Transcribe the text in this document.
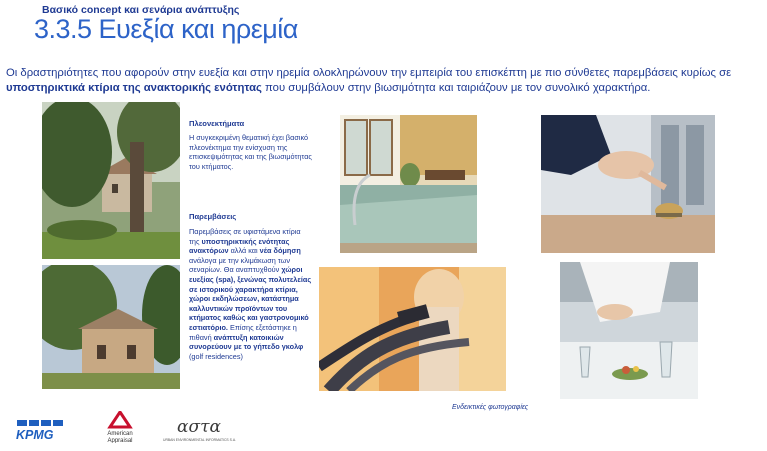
Βασικό concept και σενάρια ανάπτυξης
3.3.5 Ευεξία και ηρεμία
Οι δραστηριότητες που αφορούν στην ευεξία και στην ηρεμία ολοκληρώνουν την εμπειρία του επισκέπτη με πιο σύνθετες παρεμβάσεις κυρίως σε υποστηρικτικά κτίρια της ανακτορικής ενότητας που συμβάλουν στην βιωσιμότητα και ταιριάζουν με τον συνολικό χαρακτήρα.
Πλεονεκτήματα
Η συγκεκριμένη θεματική έχει βασικό πλεονέκτημα την ενίσχυση της επισκεψιμότητας και της βιωσιμότητας του κτήματος.
Παρεμβάσεις
Παρεμβάσεις σε υφιστάμενα κτίρια της υποστηρικτικής ενότητας ανακτόρων αλλά και νέα δόμηση ανάλογα με την κλιμάκωση των σεναρίων. Θα αναπτυχθούν χώροι ευεξίας (spa), ξενώνας πολυτελείας σε ιστορικού χαρακτήρα κτίρια, χώροι εκδηλώσεων, κατάστημα καλλυντικών προϊόντων του κτήματος καθώς και γαστρονομικό εστιατόριο. Επίσης εξετάστηκε η πιθανή ανάπτυξη κατοικιών συνορεύουν με το γήπεδο γκολφ (golf residences)
Ενδεικτικές φωτογραφίες
KPMG	American
Appraisal
αστα
URBAN ENVIRONMENTAL INFORMATICS S.A.
